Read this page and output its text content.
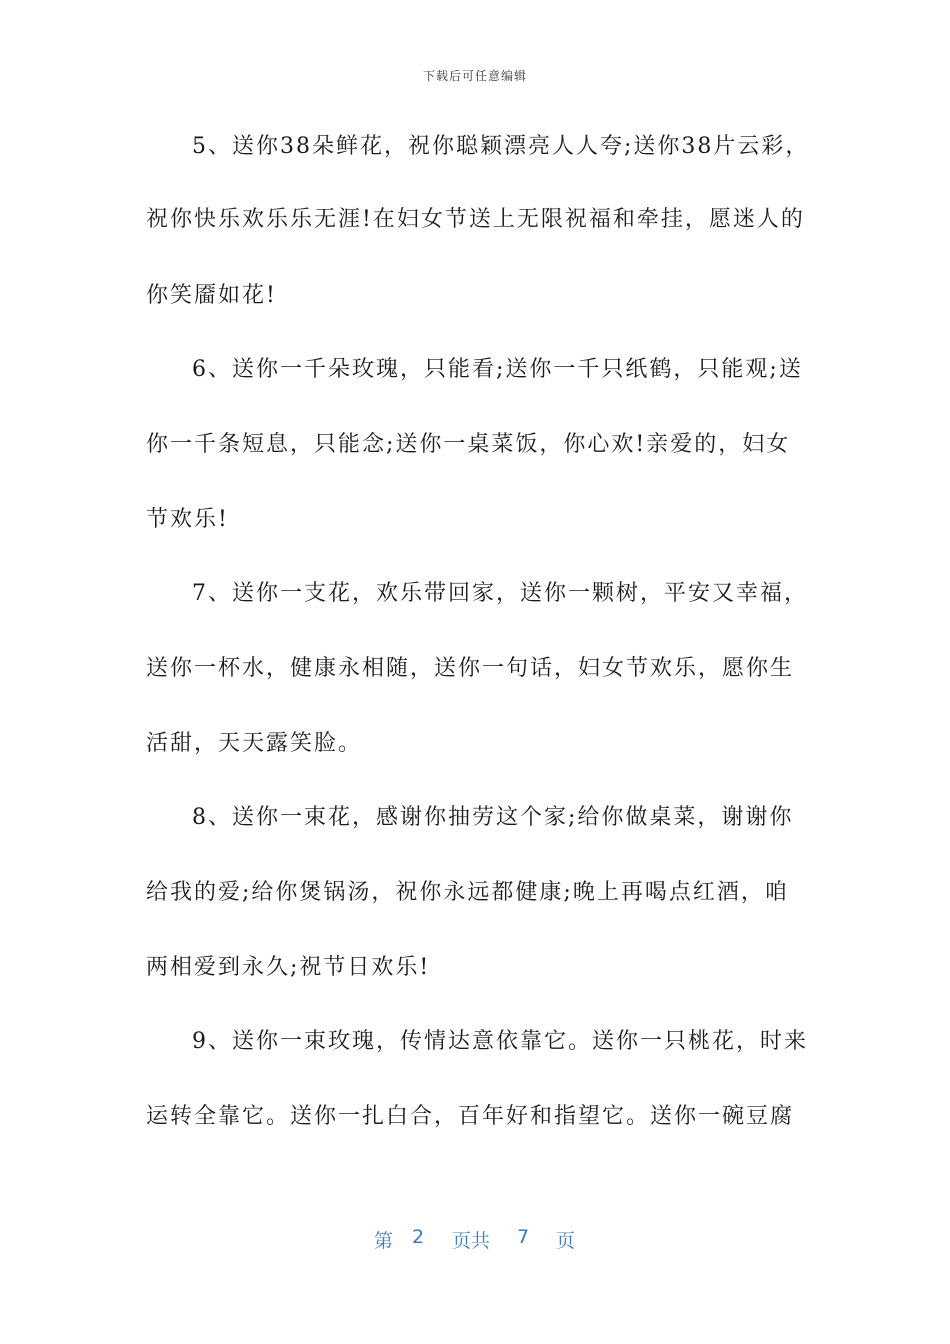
下载后可任意编辑
5、送你38朵鲜花，祝你聪颖漂亮人人夸;送你38片云彩，
祝你快乐欢乐乐无涯!在妇女节送上无限祝福和牵挂，愿迷人的
你笑靥如花!
6、送你一千朵玫瑰，只能看;送你一千只纸鹤，只能观;送
你一千条短息，只能念;送你一桌菜饭，你心欢!亲爱的，妇女
节欢乐!
7、送你一支花，欢乐带回家，送你一颗树，平安又幸福，
送你一杯水，健康永相随，送你一句话，妇女节欢乐，愿你生
活甜，天天露笑脸。
8、送你一束花，感谢你抽劳这个家;给你做桌菜，谢谢你
给我的爱;给你煲锅汤，祝你永远都健康;晚上再喝点红酒，咱
两相爱到永久;祝节日欢乐!
9、送你一束玫瑰，传情达意依靠它。送你一只桃花，时来
运转全靠它。送你一扎白合，百年好和指望它。送你一碗豆腐
第 2 页共 7 页
